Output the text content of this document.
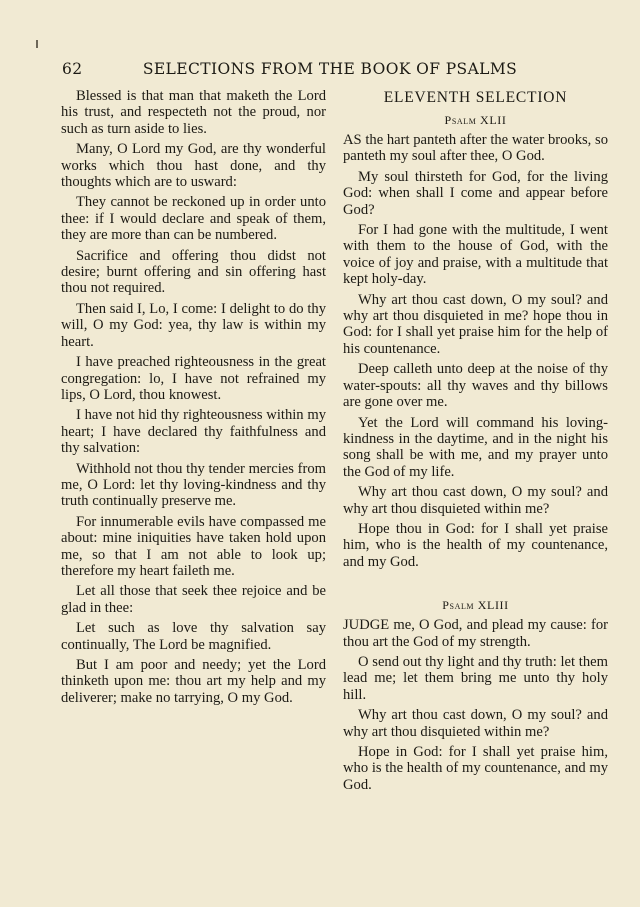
62	SELECTIONS FROM THE BOOK OF PSALMS

Blessed is that man that maketh the Lord his trust, and respecteth not the proud, nor such as turn aside to lies.

Many, O Lord my God, are thy wonderful works which thou hast done, and thy thoughts which are to usward:

They cannot be reckoned up in order unto thee: if I would declare and speak of them, they are more than can be numbered.

Sacrifice and offering thou didst not desire; burnt offering and sin offering hast thou not required.

Then said I, Lo, I come: I delight to do thy will, O my God: yea, thy law is within my heart.

I have preached righteousness in the great congregation: lo, I have not refrained my lips, O Lord, thou knowest.

I have not hid thy righteousness within my heart; I have declared thy faithfulness and thy salvation:

Withhold not thou thy tender mercies from me, O Lord: let thy loving-kindness and thy truth continually preserve me.

For innumerable evils have compassed me about: mine iniquities have taken hold upon me, so that I am not able to look up; therefore my heart faileth me.

Let all those that seek thee rejoice and be glad in thee:

Let such as love thy salvation say continually, The Lord be magnified.

But I am poor and needy; yet the Lord thinketh upon me: thou art my help and my deliverer; make no tarrying, O my God.

ELEVENTH SELECTION
Psalm XLII

AS the hart panteth after the water brooks, so panteth my soul after thee, O God.

My soul thirsteth for God, for the living God: when shall I come and appear before God?

For I had gone with the multitude, I went with them to the house of God, with the voice of joy and praise, with a multitude that kept holy-day.

Why art thou cast down, O my soul? and why art thou disquieted in me? hope thou in God: for I shall yet praise him for the help of his countenance.

Deep calleth unto deep at the noise of thy water-spouts: all thy waves and thy billows are gone over me.

Yet the Lord will command his loving-kindness in the daytime, and in the night his song shall be with me, and my prayer unto the God of my life.

Why art thou cast down, O my soul? and why art thou disquieted within me?

Hope thou in God: for I shall yet praise him, who is the health of my countenance, and my God.

Psalm XLIII

JUDGE me, O God, and plead my cause: for thou art the God of my strength.

O send out thy light and thy truth: let them lead me; let them bring me unto thy holy hill.

Why art thou cast down, O my soul? and why art thou disquieted within me?

Hope in God: for I shall yet praise him, who is the health of my countenance, and my God.
